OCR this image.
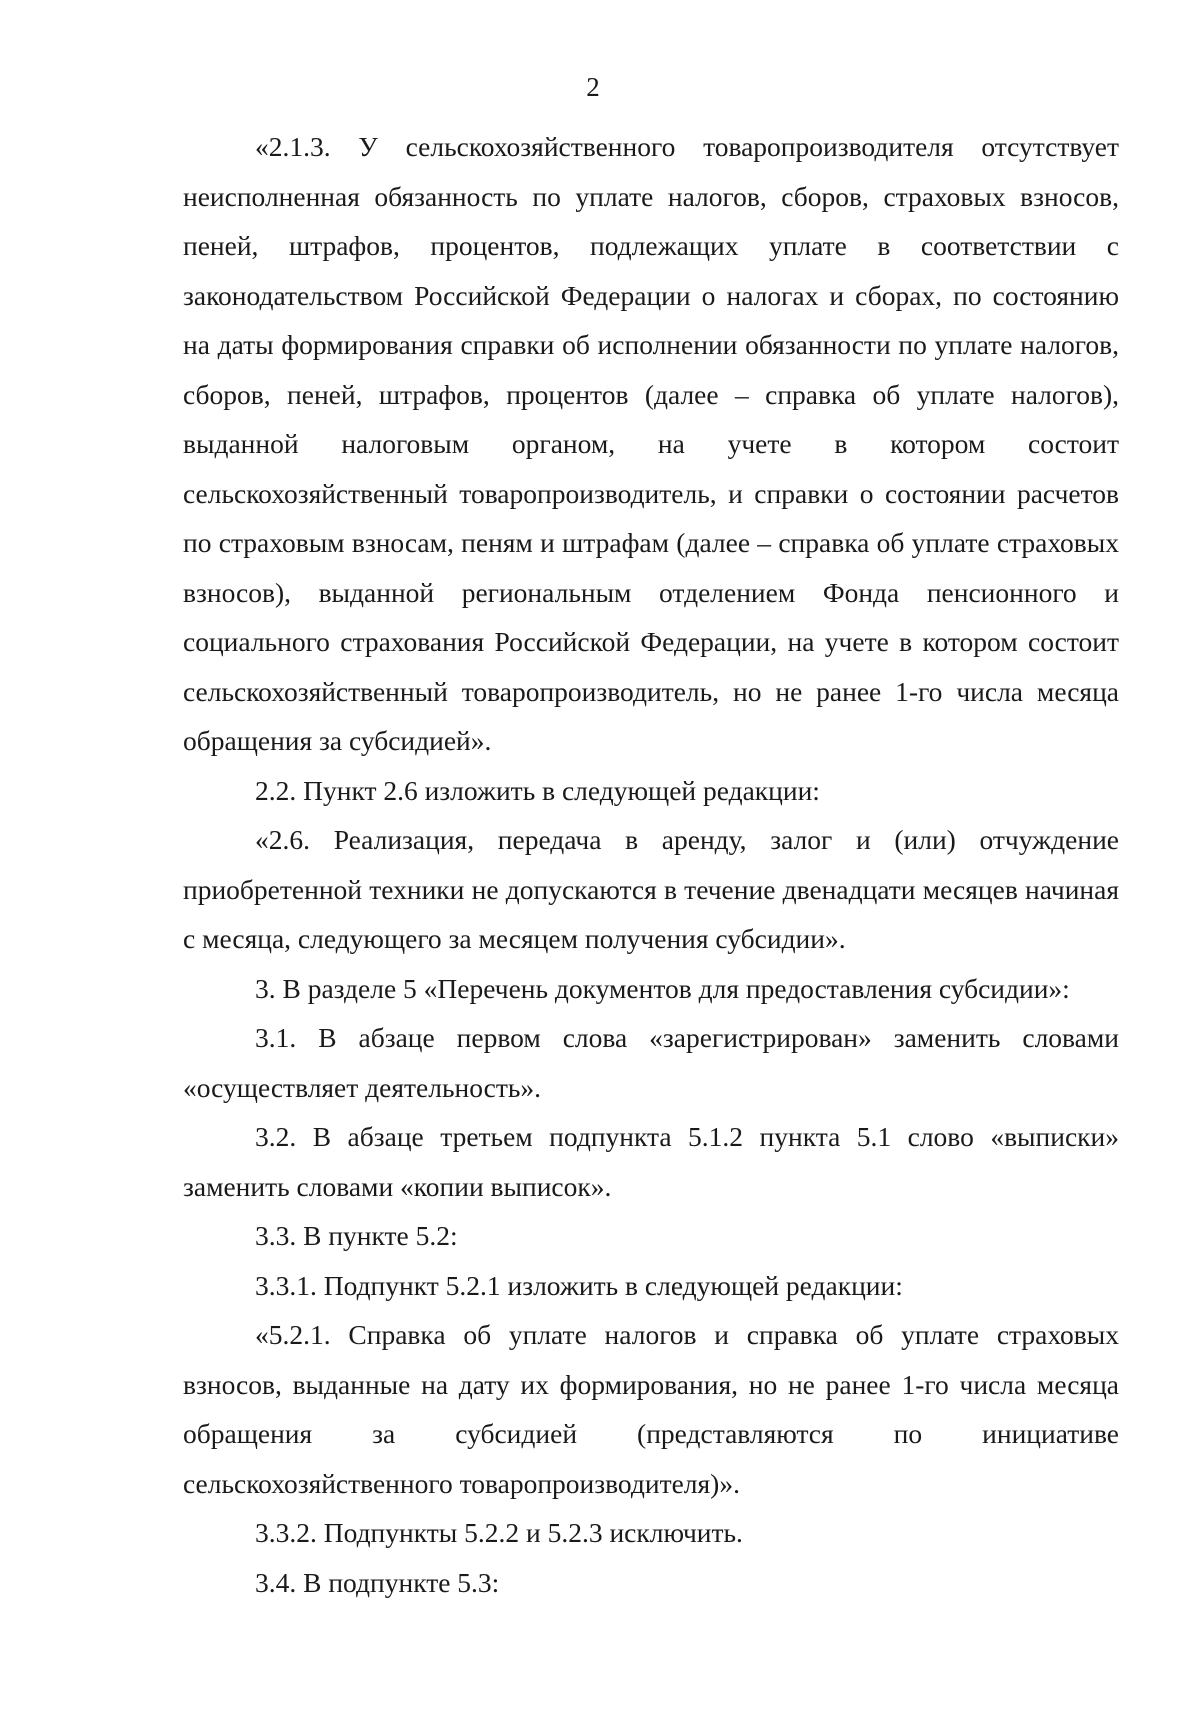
2

«2.1.3. У сельскохозяйственного товаропроизводителя отсутствует неисполненная обязанность по уплате налогов, сборов, страховых взносов, пеней, штрафов, процентов, подлежащих уплате в соответствии с законодательством Российской Федерации о налогах и сборах, по состоянию на даты формирования справки об исполнении обязанности по уплате налогов, сборов, пеней, штрафов, процентов (далее – справка об уплате налогов), выданной налоговым органом, на учете в котором состоит сельскохозяйственный товаропроизводитель, и справки о состоянии расчетов по страховым взносам, пеням и штрафам (далее – справка об уплате страховых взносов), выданной региональным отделением Фонда пенсионного и социального страхования Российской Федерации, на учете в котором состоит сельскохозяйственный товаропроизводитель, но не ранее 1-го числа месяца обращения за субсидией».

2.2. Пункт 2.6 изложить в следующей редакции:

«2.6. Реализация, передача в аренду, залог и (или) отчуждение приобретенной техники не допускаются в течение двенадцати месяцев начиная с месяца, следующего за месяцем получения субсидии».

3. В разделе 5 «Перечень документов для предоставления субсидии»:

3.1. В абзаце первом слова «зарегистрирован» заменить словами «осуществляет деятельность».

3.2. В абзаце третьем подпункта 5.1.2 пункта 5.1 слово «выписки» заменить словами «копии выписок».

3.3. В пункте 5.2:

3.3.1. Подпункт 5.2.1 изложить в следующей редакции:

«5.2.1. Справка об уплате налогов и справка об уплате страховых взносов, выданные на дату их формирования, но не ранее 1-го числа месяца обращения за субсидией (представляются по инициативе сельскохозяйственного товаропроизводителя)».

3.3.2. Подпункты 5.2.2 и 5.2.3 исключить.

3.4. В подпункте 5.3:
